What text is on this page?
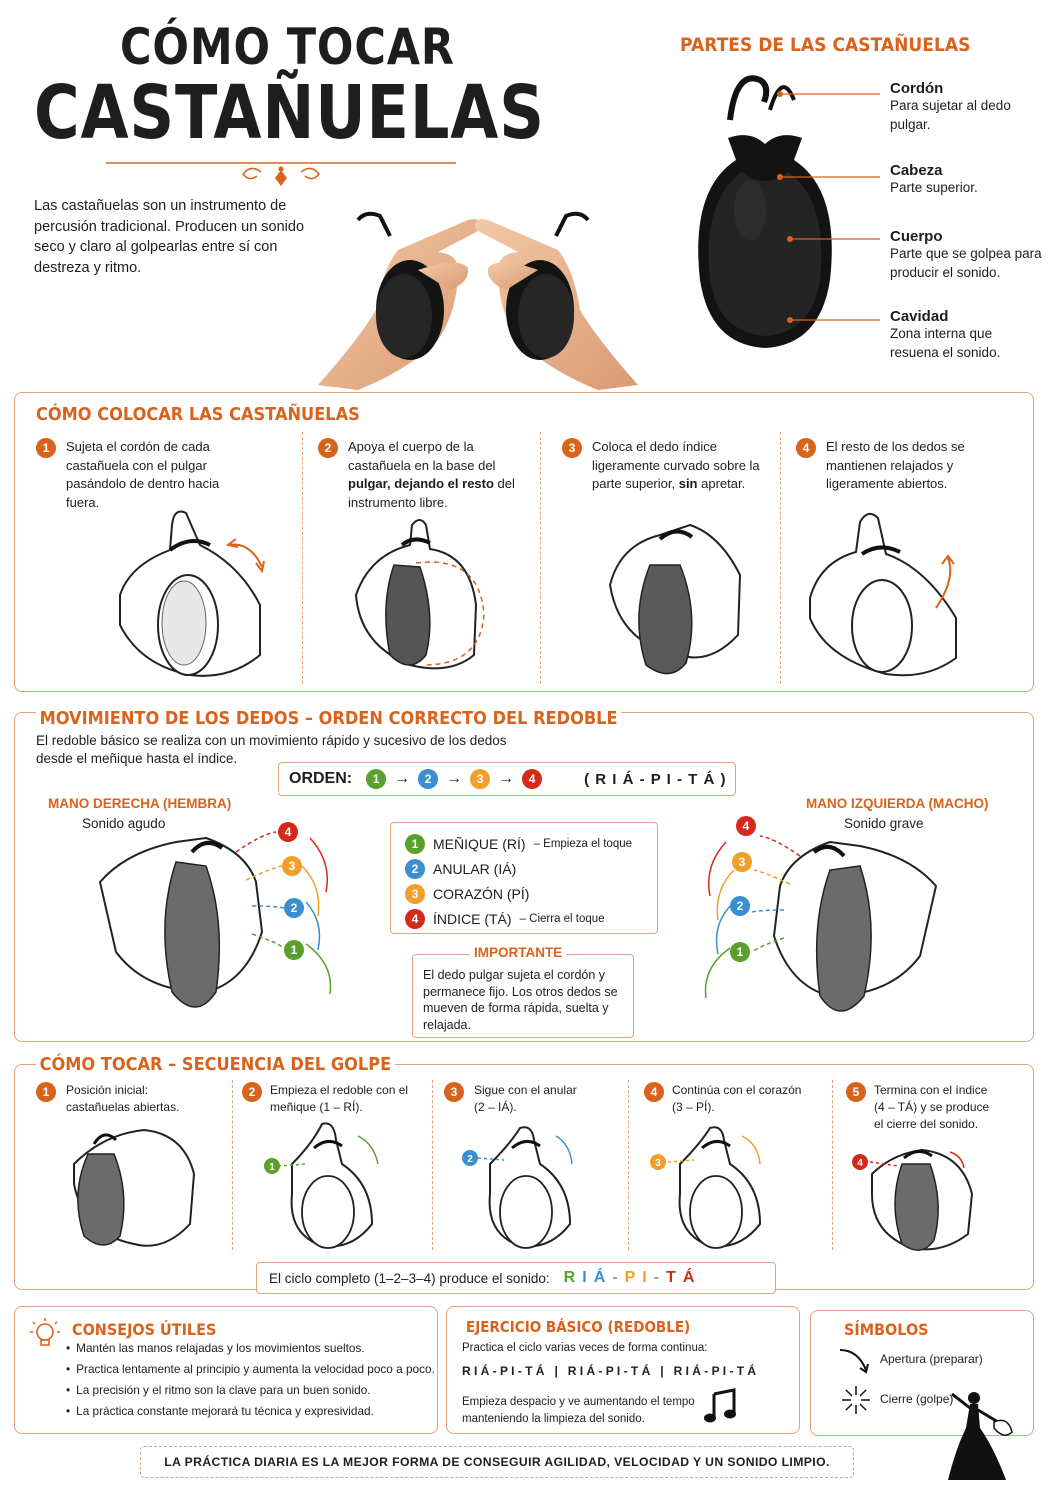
CÓMO TOCAR
CASTAÑUELAS
Las castañuelas son un instrumento de percusión tradicional. Producen un sonido seco y claro al golpearlas entre sí con destreza y ritmo.
PARTES DE LAS CASTAÑUELAS
Cordón
Para sujetar al dedo pulgar.
Cabeza
Parte superior.
Cuerpo
Parte que se golpea para producir el sonido.
Cavidad
Zona interna que resuena el sonido.
CÓMO COLOCAR LAS CASTAÑUELAS
1	Sujeta el cordón de cada castañuela con el pulgar pasándolo de dentro hacia fuera.
2	Apoya el cuerpo de la castañuela en la base del pulgar, dejando el resto del instrumento libre.
3	Coloca el dedo índice ligeramente curvado sobre la parte superior, sin apretar.
4	El resto de los dedos se mantienen relajados y ligeramente abiertos.
MOVIMIENTO DE LOS DEDOS – ORDEN CORRECTO DEL REDOBLE
El redoble básico se realiza con un movimiento rápido y sucesivo de los dedos desde el meñique hasta el índice.
ORDEN:	1 →	2 →	3 →	4	( R I Á - P I - T Á )
MANO DERECHA (HEMBRA)
Sonido agudo
MANO IZQUIERDA (MACHO)
Sonido grave
4
3
2
1
4
3
2
1
1	MEÑIQUE (RÍ) – Empieza el toque
2	ANULAR (IÁ)
3	CORAZÓN (PÍ)
4	ÍNDICE (TÁ) – Cierra el toque
El dedo pulgar sujeta el cordón y permanece fijo. Los otros dedos se mueven de forma rápida, suelta y relajada.
IMPORTANTE
CÓMO TOCAR – SECUENCIA DEL GOLPE
1	Posición inicial: castañuelas abiertas.
2	Empieza el redoble con el meñique (1 – RÍ).
3	Sigue con el anular (2 – IÁ).
4	Continúa con el corazón (3 – PÍ).
5	Termina con el índice (4 – TÁ) y se produce el cierre del sonido.
1
2	3	4
El ciclo completo (1–2–3–4) produce el sonido: RIÁ-PI-TÁ
CONSEJOS ÚTILES
• Mantén las manos relajadas y los movimientos sueltos.
• Practica lentamente al principio y aumenta la velocidad poco a poco.
• La precisión y el ritmo son la clave para un buen sonido.
• La práctica constante mejorará tu técnica y expresividad.
EJERCICIO BÁSICO (REDOBLE)
Practica el ciclo varias veces de forma continua:
R I Á - P I - T Á   |   R I Á - P I - T Á   |   R I Á - P I - T Á
Empieza despacio y ve aumentando el tempo manteniendo la limpieza del sonido.
SÍMBOLOS
Apertura (preparar)
Cierre (golpe)
LA PRÁCTICA DIARIA ES LA MEJOR FORMA DE CONSEGUIR AGILIDAD, VELOCIDAD Y UN SONIDO LIMPIO.
